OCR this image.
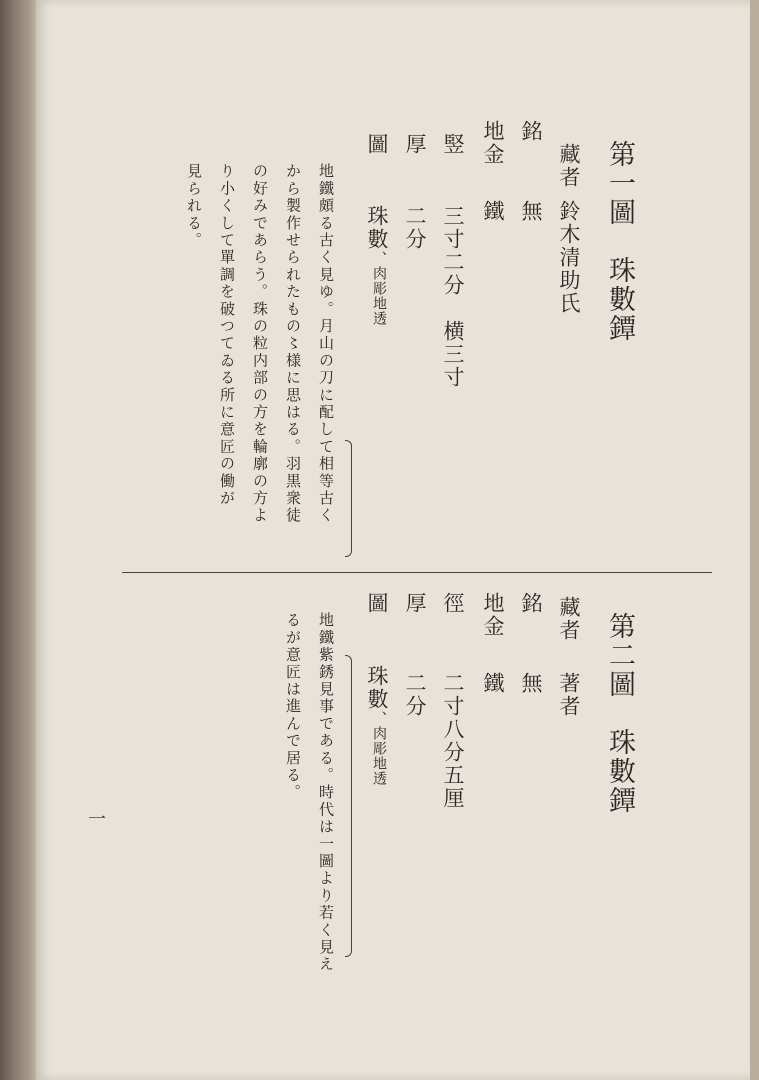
第一圖　珠數鐔
藏者
鈴木清助氏
銘
無
地金
鐵
竪
三寸二分　横三寸
厚
二分
圖
珠數
、肉彫地透
地鐵頗る古く見ゆ。月山の刀に配して相等古く
から製作せられたもの〻様に思はる。羽黒衆徒
の好みであらう。珠の粒内部の方を輪廓の方よ
り小くして單調を破つてゐる所に意匠の働が
見られる。
第二圖　珠數鐔
藏者
著者
銘
無
地金
鐵
徑
二寸八分五厘
厚
二分
圖
珠數
、肉彫地透
地鐵紫銹見事である。時代は一圖より若く見え
るが意匠は進んで居る。
一
